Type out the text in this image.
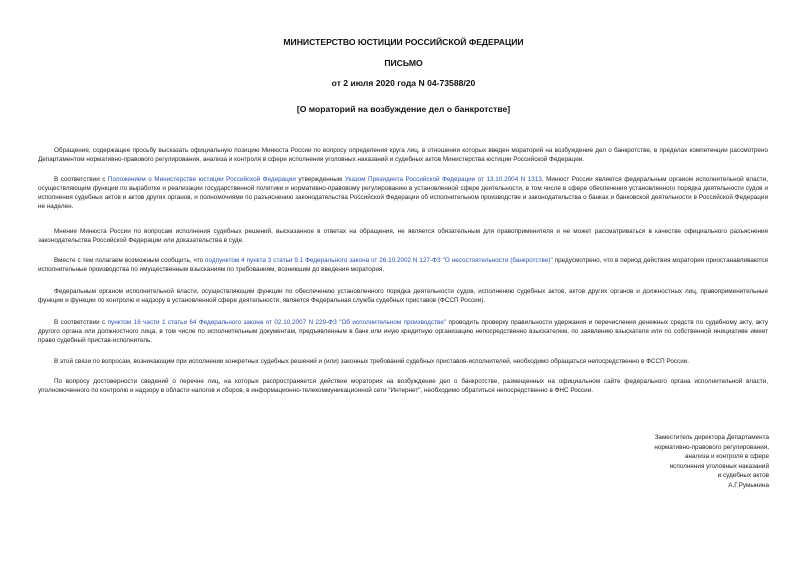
МИНИСТЕРСТВО ЮСТИЦИИ РОССИЙСКОЙ ФЕДЕРАЦИИ
ПИСЬМО
от 2 июля 2020 года N 04-73588/20
[О мораторий на возбуждение дел о банкротстве]
Обращение, содержащее просьбу высказать официальную позицию Минюста России по вопросу определения круга лиц, в отношении которых введен мораторий на возбуждение дел о банкротстве, в пределах компетенции рассмотрено Департаментом нормативно-правового регулирования, анализа и контроля в сфере исполнения уголовных наказаний и судебных актов Министерства юстиции Российской Федерации.
В соответствии с Положением о Министерстве юстиции Российской Федерации утвержденным Указом Президента Российской Федерации от 13.10.2004 N 1313, Минюст России является федеральным органом исполнительной власти, осуществляющим функции по выработке и реализации государственной политики и нормативно-правовому регулированию в установленной сфере деятельности, в том числе в сфере обеспечения установленного порядка деятельности судов и исполнения судебных актов и актов других органов, и полномочиями по разъяснению законодательства Российской Федерации об исполнительном производстве и законодательства о банках и банковской деятельности в Российской Федерации не наделен.
Мнение Минюста России по вопросам исполнения судебных решений, высказанное в ответах на обращения, не является обязательным для правоприменителя и не может рассматриваться в качестве официального разъяснения законодательства Российской Федерации или доказательства в суде.
Вместе с тем полагаем возможным сообщить, что подпунктом 4 пункта 3 статьи 9.1 Федерального закона от 26.10.2002 N 127-ФЗ "О несостоятельности (банкротстве)" предусмотрено, что в период действия моратория приостанавливаются исполнительные производства по имущественным взысканиям по требованиям, возникшим до введения моратория.
Федеральным органом исполнительной власти, осуществляющим функции по обеспечению установленного порядка деятельности судов, исполнению судебных актов, актов других органов и должностных лиц, правоприменительные функции и функции по контролю и надзору в установленной сфере деятельности, является Федеральная служба судебных приставов (ФССП России).
В соответствии с пунктом 16 части 1 статьи 64 Федерального закона от 02.10.2007 N 229-ФЗ "Об исполнительном производстве" проводить проверку правильности удержания и перечисления денежных средств по судебному акту, акту другого органа или должностного лица, в том числе по исполнительным документам, предъявленным в банк или иную кредитную организацию непосредственно взыскателем, по заявлению взыскателя или по собственной инициативе имеет право судебный пристав-исполнитель.
В этой связи по вопросам, возникающим при исполнении конкретных судебных решений и (или) законных требований судебных приставов-исполнителей, необходимо обращаться непосредственно в ФССП России.
По вопросу достоверности сведений о перечне лиц, на которых распространяется действие моратория на возбуждение дел о банкротстве, размещенных на официальном сайте федерального органа исполнительной власти, уполномоченного по контролю и надзору в области налогов и сборов, в информационно-телекоммуникационной сети "Интернет", необходимо обратиться непосредственно в ФНС России.
Заместитель директора Департамента
нормативно-правового регулирования,
анализа и контроля в сфере
исполнения уголовных наказаний
и судебных актов
А.Г.Румынина
